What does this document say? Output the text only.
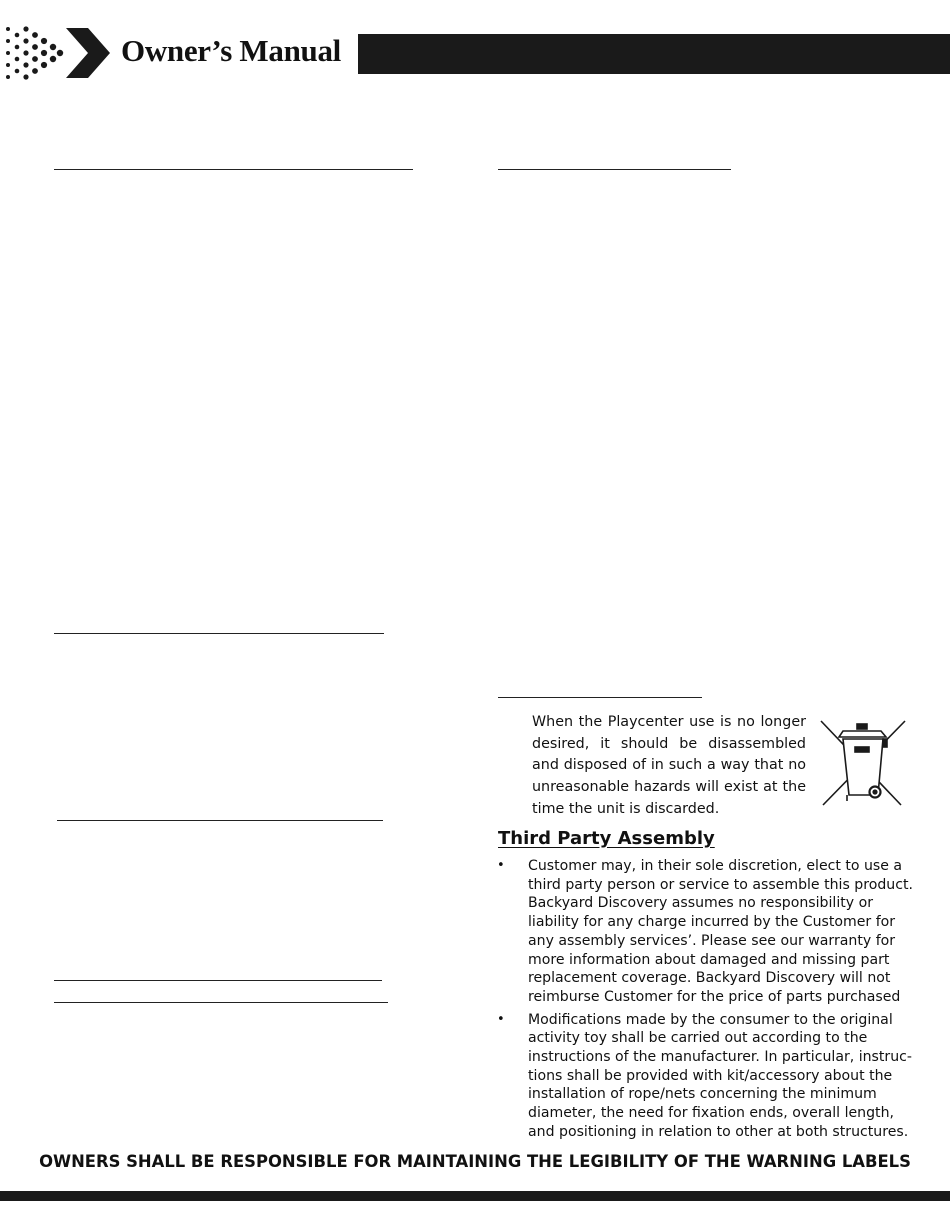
Owner’s Manual
When the Playcenter use is no longer desired, it should be disassembled and disposed of in such a way that no unreasonable hazards will exist at the time the unit is discarded.
Third Party Assembly
• Customer may, in their sole discretion, elect to use a third party person or service to assemble this product. Backyard Discovery assumes no responsibility or liability for any charge incurred by the Customer for any assembly services’. Please see our warranty for more information about damaged and missing part replacement coverage. Backyard Discovery will not reimburse Customer for the price of parts purchased
• Modifications made by the consumer to the original activity toy shall be carried out according to the instructions of the manufacturer. In particular, instruc-tions shall be provided with kit/accessory about the installation of rope/nets concerning the minimum diameter, the need for fixation ends, overall length, and positioning in relation to other at both structures.
OWNERS SHALL BE RESPONSIBLE FOR MAINTAINING THE LEGIBILITY OF THE WARNING LABELS
